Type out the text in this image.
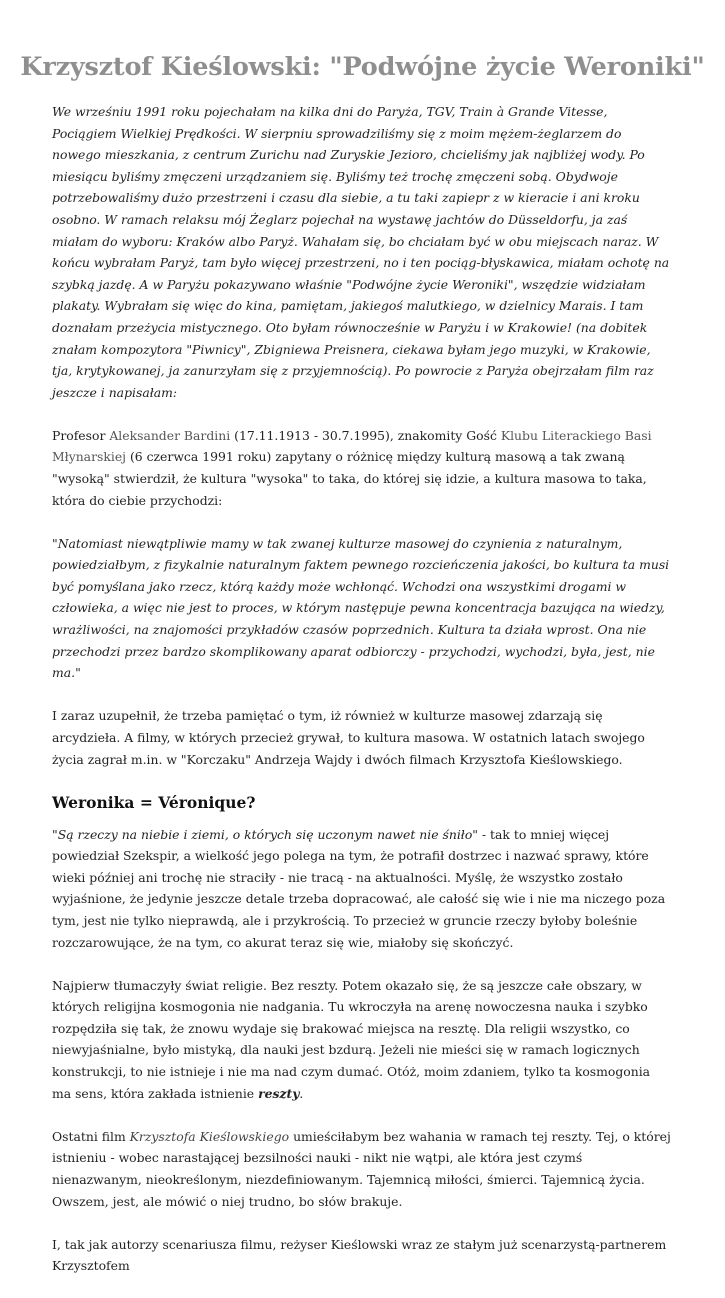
Krzysztof Kieślowski: "Podwójne życie Weroniki"

We wrześniu 1991 roku pojechałam na kilka dni do Paryża, TGV, Train à Grande Vitesse, Pociągiem Wielkiej Prędkości. W sierpniu sprowadziliśmy się z moim mężem-żeglarzem do nowego mieszkania, z centrum Zurichu nad Zuryskie Jezioro, chcieliśmy jak najbliżej wody. Po miesiącu byliśmy zmęczeni urządzaniem się. Byliśmy też trochę zmęczeni sobą. Obydwoje potrzebowaliśmy dużo przestrzeni i czasu dla siebie, a tu taki zapiepr z w kieracie i ani kroku osobno. W ramach relaksu mój Żeglarz pojechał na wystawę jachtów do Düsseldorfu, ja zaś miałam do wyboru: Kraków albo Paryż. Wahałam się, bo chciałam być w obu miejscach naraz. W końcu wybrałam Paryż, tam było więcej przestrzeni, no i ten pociąg-błyskawica, miałam ochotę na szybką jazdę. A w Paryżu pokazywano właśnie "Podwójne życie Weroniki", wszędzie widziałam plakaty. Wybrałam się więc do kina, pamiętam, jakiegoś malutkiego, w dzielnicy Marais. I tam doznałam przeżycia mistycznego. Oto byłam równocześnie w Paryżu i w Krakowie! (na dobitek znałam kompozytora "Piwnicy", Zbigniewa Preisnera, ciekawa byłam jego muzyki, w Krakowie, tja, krytykowanej, ja zanurzyłam się z przyjemnością). Po powrocie z Paryża obejrzałam film raz jeszcze i napisałam:

Profesor Aleksander Bardini (17.11.1913 - 30.7.1995), znakomity Gość Klubu Literackiego Basi Młynarskiej (6 czerwca 1991 roku) zapytany o różnicę między kulturą masową a tak zwaną "wysoką" stwierdził, że kultura "wysoka" to taka, do której się idzie, a kultura masowa to taka, która do ciebie przychodzi:

"Natomiast niewątpliwie mamy w tak zwanej kulturze masowej do czynienia z naturalnym, powiedziałbym, z fizykalnie naturalnym faktem pewnego rozcieńczenia jakości, bo kultura ta musi być pomyślana jako rzecz, którą każdy może wchłonąć. Wchodzi ona wszystkimi drogami w człowieka, a więc nie jest to proces, w którym następuje pewna koncentracja bazująca na wiedzy, wrażliwości, na znajomości przykładów czasów poprzednich. Kultura ta działa wprost. Ona nie przechodzi przez bardzo skomplikowany aparat odbiorczy - przychodzi, wychodzi, była, jest, nie ma."

I zaraz uzupełnił, że trzeba pamiętać o tym, iż również w kulturze masowej zdarzają się arcydzieła. A filmy, w których przecież grywał, to kultura masowa. W ostatnich latach swojego życia zagrał m.in. w "Korczaku" Andrzeja Wajdy i dwóch filmach Krzysztofa Kieślowskiego.

Weronika = Véronique?

"Są rzeczy na niebie i ziemi, o których się uczonym nawet nie śniło" - tak to mniej więcej powiedział Szekspir, a wielkość jego polega na tym, że potrafił dostrzec i nazwać sprawy, które wieki później ani trochę nie straciły - nie tracą - na aktualności. Myślę, że wszystko zostało wyjaśnione, że jedynie jeszcze detale trzeba dopracować, ale całość się wie i nie ma niczego poza tym, jest nie tylko nieprawdą, ale i przykrością. To przecież w gruncie rzeczy byłoby boleśnie rozczarowujące, że na tym, co akurat teraz się wie, miałoby się skończyć.

Najpierw tłumaczyły świat religie. Bez reszty. Potem okazało się, że są jeszcze całe obszary, w których religijna kosmogonia nie nadgania. Tu wkroczyła na arenę nowoczesna nauka i szybko rozpędziła się tak, że znowu wydaje się brakować miejsca na resztę. Dla religii wszystko, co niewyjaśnialne, było mistyką, dla nauki jest bzdurą. Jeżeli nie mieści się w ramach logicznych konstrukcji, to nie istnieje i nie ma nad czym dumać. Otóż, moim zdaniem, tylko ta kosmogonia ma sens, która zakłada istnienie reszty.

Ostatni film Krzysztofa Kieślowskiego umieściłabym bez wahania w ramach tej reszty. Tej, o której istnieniu - wobec narastającej bezsilności nauki - nikt nie wątpi, ale która jest czymś nienazwanym, nieokreślonym, niezdefiniowanym. Tajemnicą miłości, śmierci. Tajemnicą życia. Owszem, jest, ale mówić o niej trudno, bo słów brakuje.

I, tak jak autorzy scenariusza filmu, reżyser Kieślowski wraz ze stałym już scenarzystą-partnerem Krzysztofem
